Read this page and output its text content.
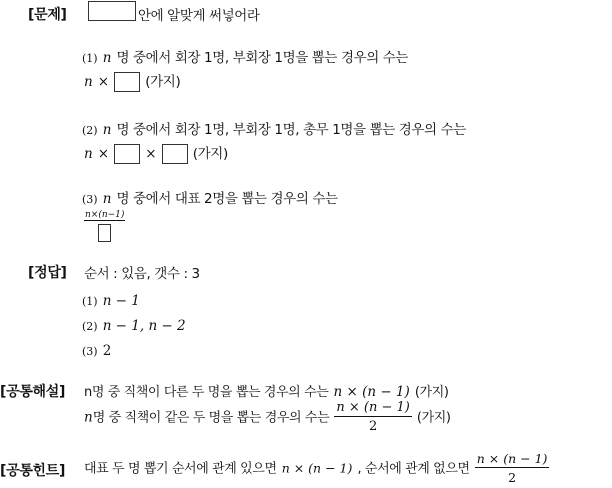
[문제]	안에 알맞게 써넣어라
(1) n 명 중에서 회장 1명, 부회장 1명을 뽑는 경우의 수는
n ×	(가지)
(2) n 명 중에서 회장 1명, 부회장 1명, 총무 1명을 뽑는 경우의 수는
n ×	×	(가지)
(3) n 명 중에서 대표 2명을 뽑는 경우의 수는
n×(n−1)
[정답] 순서 : 있음, 갯수 : 3
(1) n − 1
(2) n − 1, n − 2
(3) 2
[공통해설] n명 중 직책이 다른 두 명을 뽑는 경우의 수는 n × (n − 1) (가지)
n명 중 직책이 같은 두 명을 뽑는 경우의 수는 $\frac{n \times (n - 1)}{2}$ (가지)
[공통힌트] 대표 두 명 뽑기 순서에 관계 있으면 n × (n − 1) , 순서에 관계 없으면 $\frac{n \times (n - 1)}{2}$
